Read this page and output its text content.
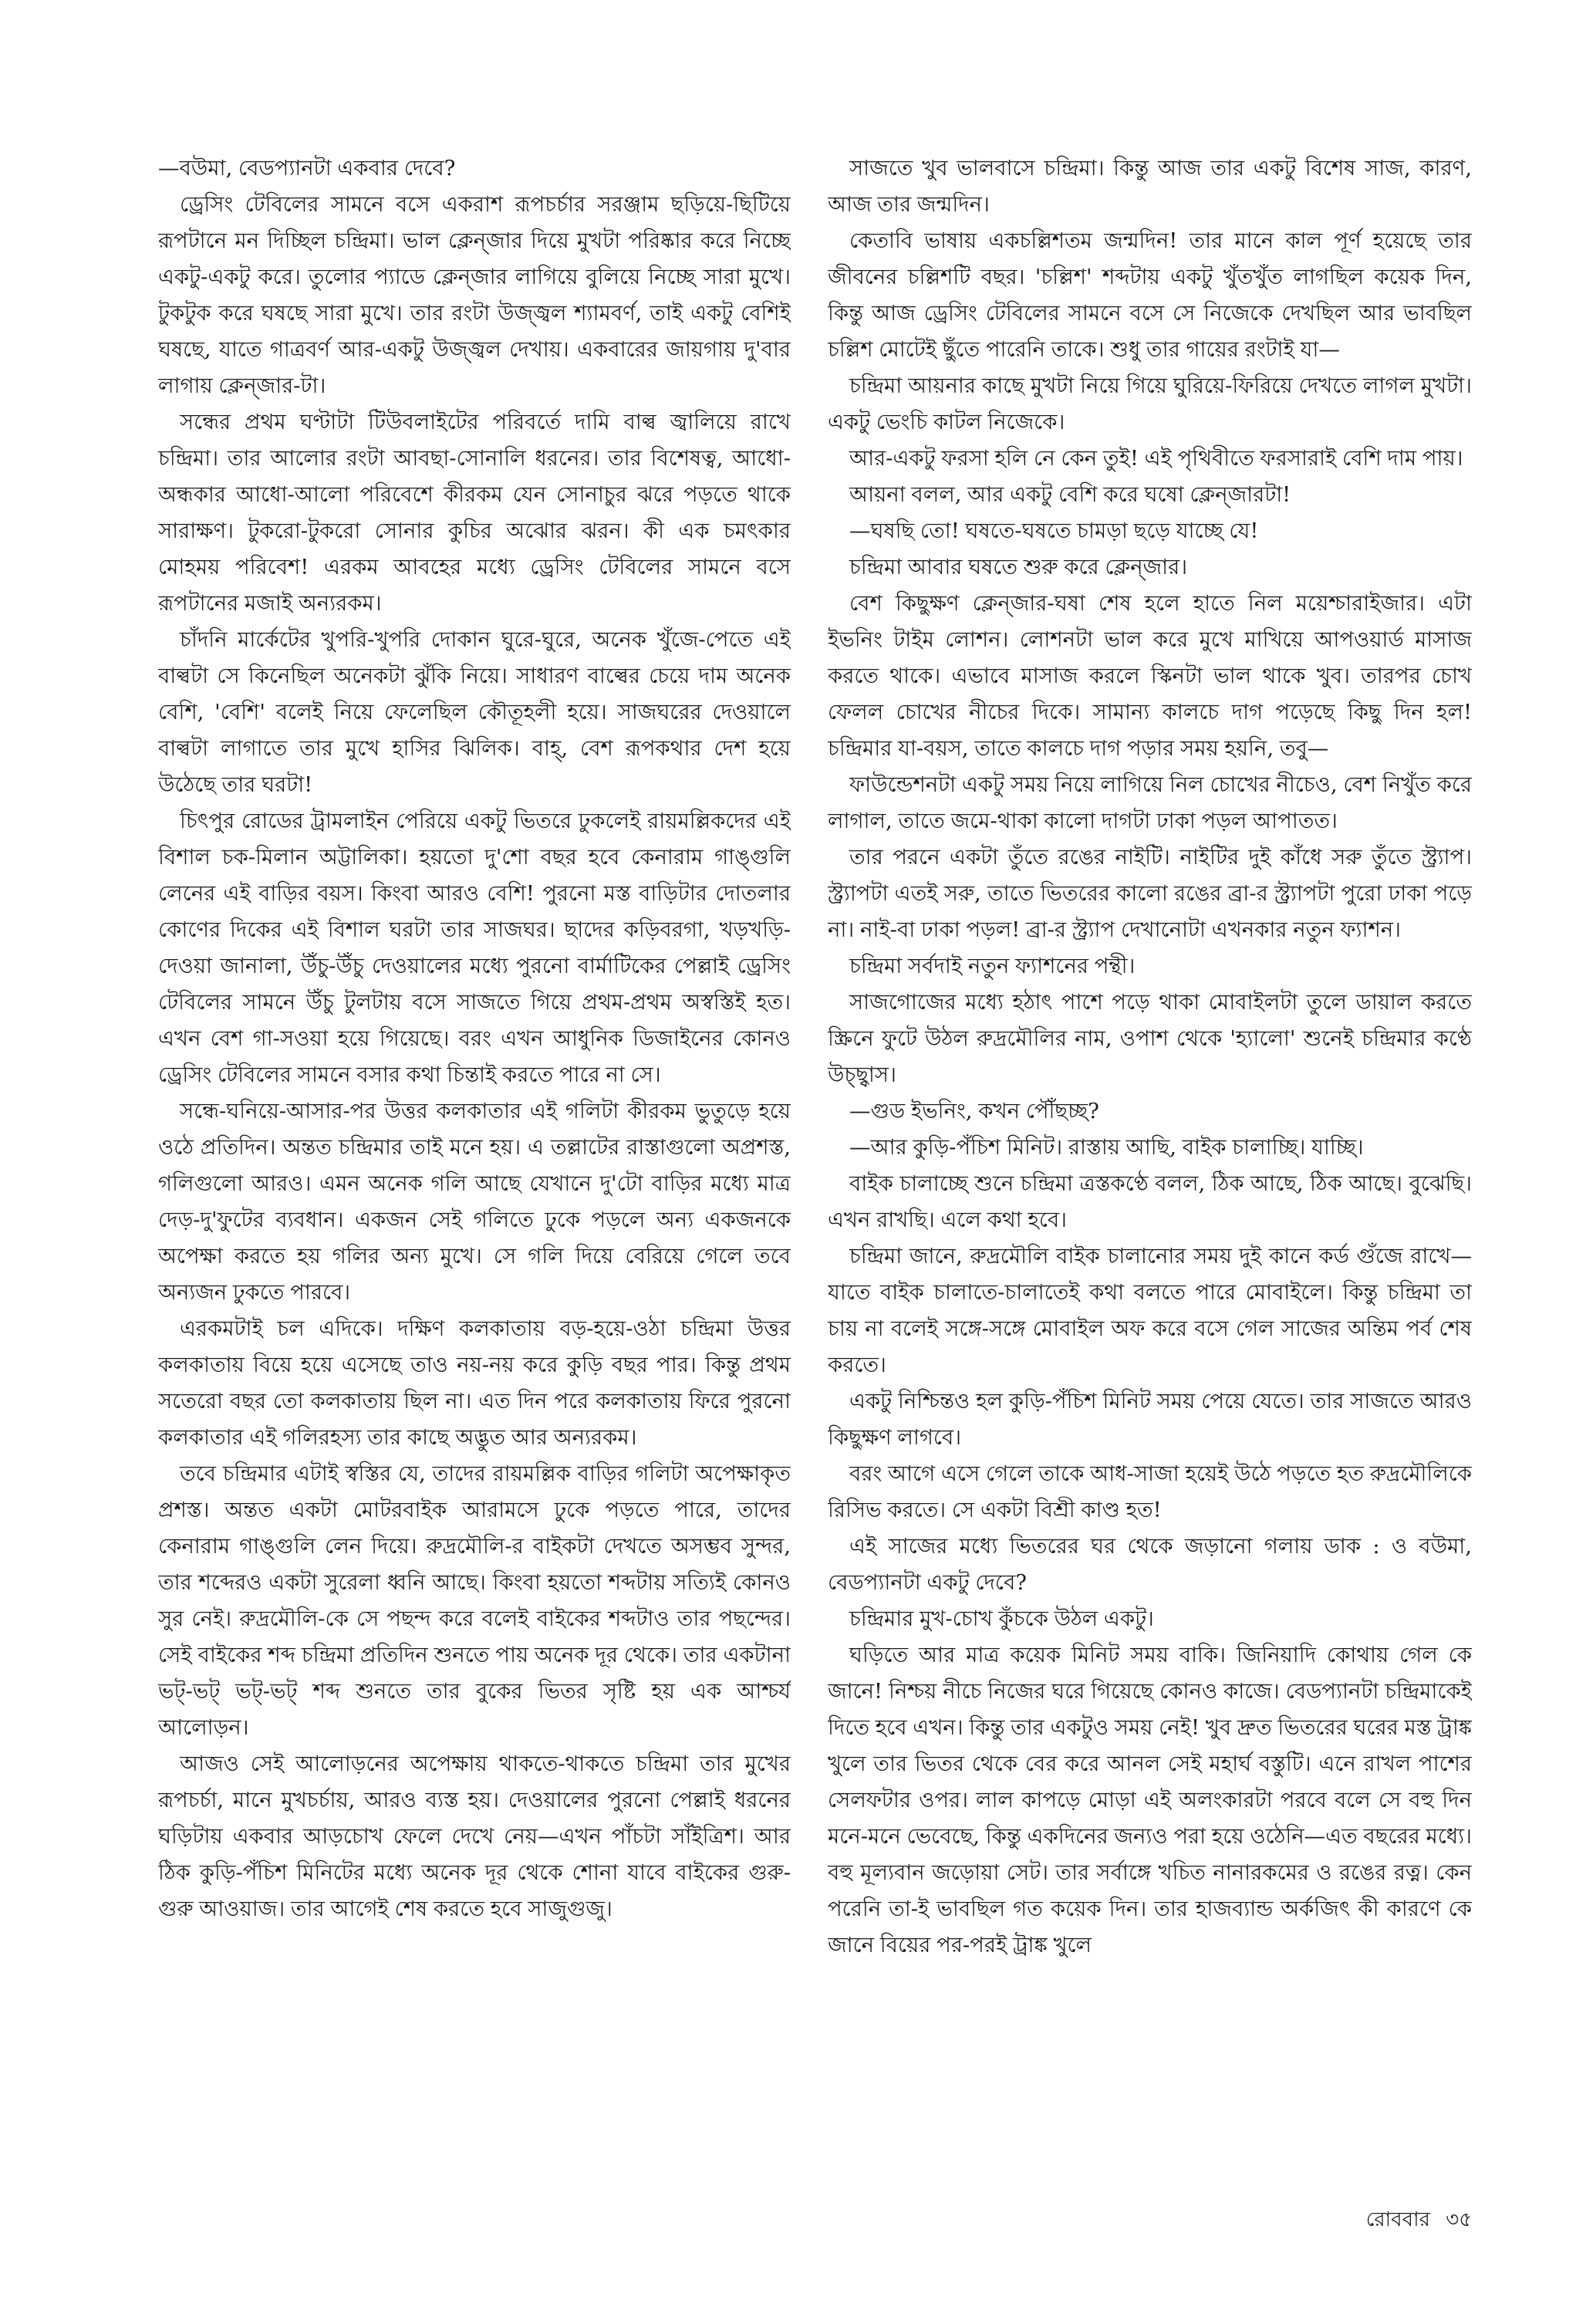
—বউমা, বেডপ্যানটা একবার দেবে?

ড্রেসিং টেবিলের সামনে বসে একরাশ রূপচর্চার সরঞ্জাম ছড়িয়ে-ছিটিয়ে রূপটানে মন দিচ্ছিল চন্দ্রিমা। ভাল ক্লেন্জার দিয়ে মুখটা পরিষ্কার করে নিচ্ছে একটু-একটু করে। তুলোর প্যাডে ক্লেন্জার লাগিয়ে বুলিয়ে নিচ্ছে সারা মুখে। টুকটুক করে ঘষছে সারা মুখে। তার রংটা উজ্জ্বল শ্যামবর্ণ, তাই একটু বেশিই ঘষছে, যাতে গাত্রবর্ণ আর-একটু উজ্জ্বল দেখায়। একবারের জায়গায় দু'বার লাগায় ক্লেন্জার-টা।

সন্ধের প্রথম ঘণ্টাটা টিউবলাইটের পরিবর্তে দামি বাল্ব জ্বালিয়ে রাখে চন্দ্রিমা। তার আলোর রংটা আবছা-সোনালি ধরনের। তার বিশেষত্ব, আধো-অন্ধকার আধো-আলো পরিবেশে কীরকম যেন সোনাচুর ঝরে পড়তে থাকে সারাক্ষণ। টুকরো-টুকরো সোনার কুচির অঝোর ঝরন। কী এক চমৎকার মোহময় পরিবেশ! এরকম আবহের মধ্যে ড্রেসিং টেবিলের সামনে বসে রূপটানের মজাই অন্যরকম।

চাঁদনি মার্কেটের খুপরি-খুপরি দোকান ঘুরে-ঘুরে, অনেক খুঁজে-পেতে এই বাল্বটা সে কিনেছিল অনেকটা ঝুঁকি নিয়ে। সাধারণ বাল্বের চেয়ে দাম অনেক বেশি, 'বেশি' বলেই নিয়ে ফেলেছিল কৌতূহলী হয়ে। সাজঘরের দেওয়ালে বাল্বটা লাগাতে তার মুখে হাসির ঝিলিক। বাহ্, বেশ রূপকথার দেশ হয়ে উঠেছে তার ঘরটা!

চিৎপুর রোডের ট্রামলাইন পেরিয়ে একটু ভিতরে ঢুকলেই রায়মল্লিকদের এই বিশাল চক-মিলান অট্টালিকা। হয়তো দু'শো বছর হবে কেনারাম গাঙ্গুলি লেনের এই বাড়ির বয়স। কিংবা আরও বেশি! পুরনো মস্ত বাড়িটার দোতলার কোণের দিকের এই বিশাল ঘরটা তার সাজঘর। ছাদের কড়িবরগা, খড়খড়ি-দেওয়া জানালা, উঁচু-উঁচু দেওয়ালের মধ্যে পুরনো বার্মাটিকের পেল্লাই ড্রেসিং টেবিলের সামনে উঁচু টুলটায় বসে সাজতে গিয়ে প্রথম-প্রথম অস্বস্তিই হত। এখন বেশ গা-সওয়া হয়ে গিয়েছে। বরং এখন আধুনিক ডিজাইনের কোনও ড্রেসিং টেবিলের সামনে বসার কথা চিন্তাই করতে পারে না সে।

সন্ধে-ঘনিয়ে-আসার-পর উত্তর কলকাতার এই গলিটা কীরকম ভুতুড়ে হয়ে ওঠে প্রতিদিন। অন্তত চন্দ্রিমার তাই মনে হয়। এ তল্লাটের রাস্তাগুলো অপ্রশস্ত, গলিগুলো আরও। এমন অনেক গলি আছে যেখানে দু'টো বাড়ির মধ্যে মাত্র দেড়-দু'ফুটের ব্যবধান। একজন সেই গলিতে ঢুকে পড়লে অন্য একজনকে অপেক্ষা করতে হয় গলির অন্য মুখে। সে গলি দিয়ে বেরিয়ে গেলে তবে অন্যজন ঢুকতে পারবে।

এরকমটাই চল এদিকে। দক্ষিণ কলকাতায় বড়-হয়ে-ওঠা চন্দ্রিমা উত্তর কলকাতায় বিয়ে হয়ে এসেছে তাও নয়-নয় করে কুড়ি বছর পার। কিন্তু প্রথম সতেরো বছর তো কলকাতায় ছিল না। এত দিন পরে কলকাতায় ফিরে পুরনো কলকাতার এই গলিরহস্য তার কাছে অদ্ভুত আর অন্যরকম।

তবে চন্দ্রিমার এটাই স্বস্তির যে, তাদের রায়মল্লিক বাড়ির গলিটা অপেক্ষাকৃত প্রশস্ত। অন্তত একটা মোটরবাইক আরামসে ঢুকে পড়তে পারে, তাদের কেনারাম গাঙ্গুলি লেন দিয়ে। রুদ্রমৌলি-র বাইকটা দেখতে অসম্ভব সুন্দর, তার শব্দেরও একটা সুরেলা ধ্বনি আছে। কিংবা হয়তো শব্দটায় সত্যিই কোনও সুর নেই। রুদ্রমৌলি-কে সে পছন্দ করে বলেই বাইকের শব্দটাও তার পছন্দের। সেই বাইকের শব্দ চন্দ্রিমা প্রতিদিন শুনতে পায় অনেক দূর থেকে। তার একটানা ভট্-ভট্ ভট্-ভট্ শব্দ শুনতে তার বুকের ভিতর সৃষ্টি হয় এক আশ্চর্য আলোড়ন।

আজও সেই আলোড়নের অপেক্ষায় থাকতে-থাকতে চন্দ্রিমা তার মুখের রূপচর্চা, মানে মুখচর্চায়, আরও ব্যস্ত হয়। দেওয়ালের পুরনো পেল্লাই ধরনের ঘড়িটায় একবার আড়চোখ ফেলে দেখে নেয়—এখন পাঁচটা সাঁইত্রিশ। আর ঠিক কুড়ি-পঁচিশ মিনিটের মধ্যে অনেক দূর থেকে শোনা যাবে বাইকের গুরু-গুরু আওয়াজ। তার আগেই শেষ করতে হবে সাজুগুজু।

সাজতে খুব ভালবাসে চন্দ্রিমা। কিন্তু আজ তার একটু বিশেষ সাজ, কারণ, আজ তার জন্মদিন।

কেতাবি ভাষায় একচল্লিশতম জন্মদিন! তার মানে কাল পূর্ণ হয়েছে তার জীবনের চল্লিশটি বছর। 'চল্লিশ' শব্দটায় একটু খুঁতখুঁত লাগছিল কয়েক দিন, কিন্তু আজ ড্রেসিং টেবিলের সামনে বসে সে নিজেকে দেখছিল আর ভাবছিল চল্লিশ মোটেই ছুঁতে পারেনি তাকে। শুধু তার গায়ের রংটাই যা—

চন্দ্রিমা আয়নার কাছে মুখটা নিয়ে গিয়ে ঘুরিয়ে-ফিরিয়ে দেখতে লাগল মুখটা। একটু ভেংচি কাটল নিজেকে।

আর-একটু ফরসা হলি নে কেন তুই! এই পৃথিবীতে ফরসারাই বেশি দাম পায়।

আয়না বলল, আর একটু বেশি করে ঘষো ক্লেন্জারটা!

—ঘষছি তো! ঘষতে-ঘষতে চামড়া ছড়ে যাচ্ছে যে!

চন্দ্রিমা আবার ঘষতে শুরু করে ক্লেন্জার।

বেশ কিছুক্ষণ ক্লেন্জার-ঘষা শেষ হলে হাতে নিল ময়েশ্চারাইজার। এটা ইভনিং টাইম লোশন। লোশনটা ভাল করে মুখে মাখিয়ে আপওয়ার্ড মাসাজ করতে থাকে। এভাবে মাসাজ করলে স্কিনটা ভাল থাকে খুব। তারপর চোখ ফেলল চোখের নীচের দিকে। সামান্য কালচে দাগ পড়েছে কিছু দিন হল! চন্দ্রিমার যা-বয়স, তাতে কালচে দাগ পড়ার সময় হয়নি, তবু—

ফাউন্ডেশনটা একটু সময় নিয়ে লাগিয়ে নিল চোখের নীচেও, বেশ নিখুঁত করে লাগাল, তাতে জমে-থাকা কালো দাগটা ঢাকা পড়ল আপাতত।

তার পরনে একটা তুঁতে রঙের নাইটি। নাইটির দুই কাঁধে সরু তুঁতে স্ট্র্যাপ। স্ট্র্যাপটা এতই সরু, তাতে ভিতরের কালো রঙের ব্রা-র স্ট্র্যাপটা পুরো ঢাকা পড়ে না। নাই-বা ঢাকা পড়ল! ব্রা-র স্ট্র্যাপ দেখানোটা এখনকার নতুন ফ্যাশন।

চন্দ্রিমা সর্বদাই নতুন ফ্যাশনের পন্থী।

সাজগোজের মধ্যে হঠাৎ পাশে পড়ে থাকা মোবাইলটা তুলে ডায়াল করতে স্ক্রিনে ফুটে উঠল রুদ্রমৌলির নাম, ওপাশ থেকে 'হ্যালো' শুনেই চন্দ্রিমার কণ্ঠে উচ্ছ্বাস।

—গুড ইভনিং, কখন পৌঁছচ্ছ?

—আর কুড়ি-পঁচিশ মিনিট। রাস্তায় আছি, বাইক চালাচ্ছি। যাচ্ছি।

বাইক চালাচ্ছে শুনে চন্দ্রিমা ত্রস্তকণ্ঠে বলল, ঠিক আছে, ঠিক আছে। বুঝেছি। এখন রাখছি। এলে কথা হবে।

চন্দ্রিমা জানে, রুদ্রমৌলি বাইক চালানোর সময় দুই কানে কর্ড গুঁজে রাখে—যাতে বাইক চালাতে-চালাতেই কথা বলতে পারে মোবাইলে। কিন্তু চন্দ্রিমা তা চায় না বলেই সঙ্গে-সঙ্গে মোবাইল অফ করে বসে গেল সাজের অন্তিম পর্ব শেষ করতে।

একটু নিশ্চিন্তও হল কুড়ি-পঁচিশ মিনিট সময় পেয়ে যেতে। তার সাজতে আরও কিছুক্ষণ লাগবে।

বরং আগে এসে গেলে তাকে আধ-সাজা হয়েই উঠে পড়তে হত রুদ্রমৌলিকে রিসিভ করতে। সে একটা বিশ্রী কাণ্ড হত!

এই সাজের মধ্যে ভিতরের ঘর থেকে জড়ানো গলায় ডাক : ও বউমা, বেডপ্যানটা একটু দেবে?

চন্দ্রিমার মুখ-চোখ কুঁচকে উঠল একটু।

ঘড়িতে আর মাত্র কয়েক মিনিট সময় বাকি। জিনিয়াদি কোথায় গেল কে জানে! নিশ্চয় নীচে নিজের ঘরে গিয়েছে কোনও কাজে। বেডপ্যানটা চন্দ্রিমাকেই দিতে হবে এখন। কিন্তু তার একটুও সময় নেই! খুব দ্রুত ভিতরের ঘরের মস্ত ট্রাঙ্ক খুলে তার ভিতর থেকে বের করে আনল সেই মহার্ঘ বস্তুটি। এনে রাখল পাশের সেলফটার ওপর। লাল কাপড়ে মোড়া এই অলংকারটা পরবে বলে সে বহু দিন মনে-মনে ভেবেছে, কিন্তু একদিনের জন্যও পরা হয়ে ওঠেনি—এত বছরের মধ্যে। বহু মূল্যবান জড়োয়া সেট। তার সর্বাঙ্গে খচিত নানারকমের ও রঙের রত্ন। কেন পরেনি তা-ই ভাবছিল গত কয়েক দিন। তার হাজব্যান্ড অর্কজিৎ কী কারণে কে জানে বিয়ের পর-পরই ট্রাঙ্ক খুলে

রোববার ৩৫
